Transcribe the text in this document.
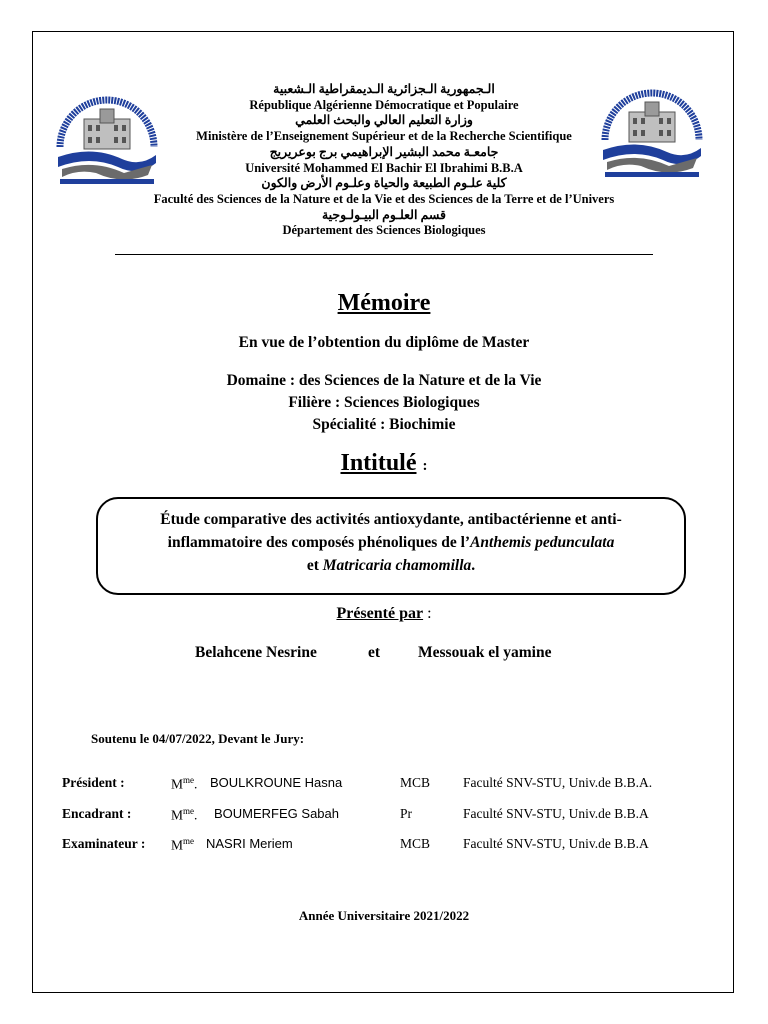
الـجمهورية الـجزائرية الـديمقراطية الـشعبية
République Algérienne Démocratique et Populaire
وزارة التعليم العالي والبحث العلمي
Ministère de l’Enseignement Supérieur et de la Recherche Scientifique
جامعـة محمد البشير الإبراهيمي برج بوعريريج
Université Mohammed El Bachir El Ibrahimi B.B.A
كلية علـوم الطبيعة والحياة وعلـوم الأرض والكون
Faculté des Sciences de la Nature et de la Vie et des Sciences de la Terre et de l’Univers
قسم العلـوم البيـولـوجية
Département des Sciences Biologiques
Mémoire
En vue de l’obtention du diplôme de Master
Domaine : des Sciences de la Nature et de la Vie
Filière : Sciences Biologiques
Spécialité : Biochimie
Intitulé :
Étude comparative des activités antioxydante, antibactérienne et anti-
inflammatoire des composés phénoliques de l’Anthemis pedunculata
et Matricaria chamomilla.
Présenté par :
Belahcene Nesrine	et Messouak el yamine
Soutenu le 04/07/2022, Devant le Jury:
Président :	$M^{me}$. BOULKROUNE Hasna	MCB Faculté SNV-STU, Univ.de B.B.A.
Encadrant :	$M^{me}$. BOUMERFEG Sabah	Pr	Faculté SNV-STU, Univ.de B.B.A
Examinateur : $M^{me}$ NASRI Meriem	MCB Faculté SNV-STU, Univ.de B.B.A
Année Universitaire 2021/2022
